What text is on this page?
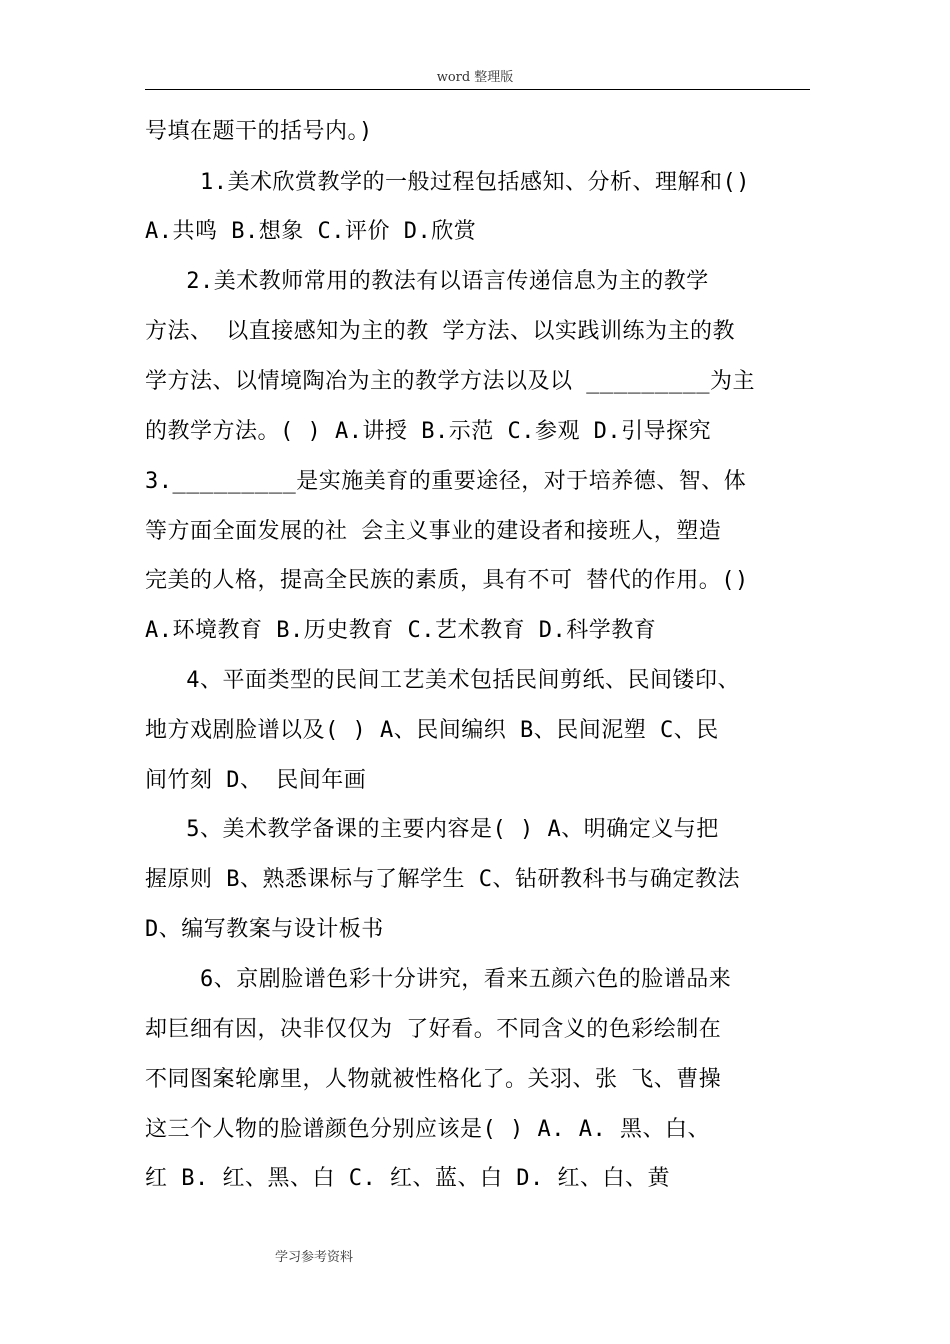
word 整理版
号填在题干的括号内。)
1.美术欣赏教学的一般过程包括感知、分析、理解和()
A.共鸣 B.想象 C.评价 D.欣赏
2.美术教师常用的教法有以语言传递信息为主的教学
方法、 以直接感知为主的教 学方法、以实践训练为主的教
学方法、以情境陶冶为主的教学方法以及以 _________为主
的教学方法。( ) A.讲授 B.示范 C.参观 D.引导探究
3._________是实施美育的重要途径，对于培养德、智、体
等方面全面发展的社 会主义事业的建设者和接班人，塑造
完美的人格，提高全民族的素质，具有不可 替代的作用。()
A.环境教育 B.历史教育 C.艺术教育 D.科学教育
4、平面类型的民间工艺美术包括民间剪纸、民间镂印、
地方戏剧脸谱以及( ) A、民间编织 B、民间泥塑 C、民
间竹刻 D、 民间年画
5、美术教学备课的主要内容是( ) A、明确定义与把
握原则 B、熟悉课标与了解学生 C、钻研教科书与确定教法
D、编写教案与设计板书
6、京剧脸谱色彩十分讲究，看来五颜六色的脸谱品来
却巨细有因，决非仅仅为 了好看。不同含义的色彩绘制在
不同图案轮廓里，人物就被性格化了。关羽、张 飞、曹操
这三个人物的脸谱颜色分别应该是( ) A. A. 黑、白、
红 B. 红、黑、白 C. 红、蓝、白 D. 红、白、黄
学习参考资料
